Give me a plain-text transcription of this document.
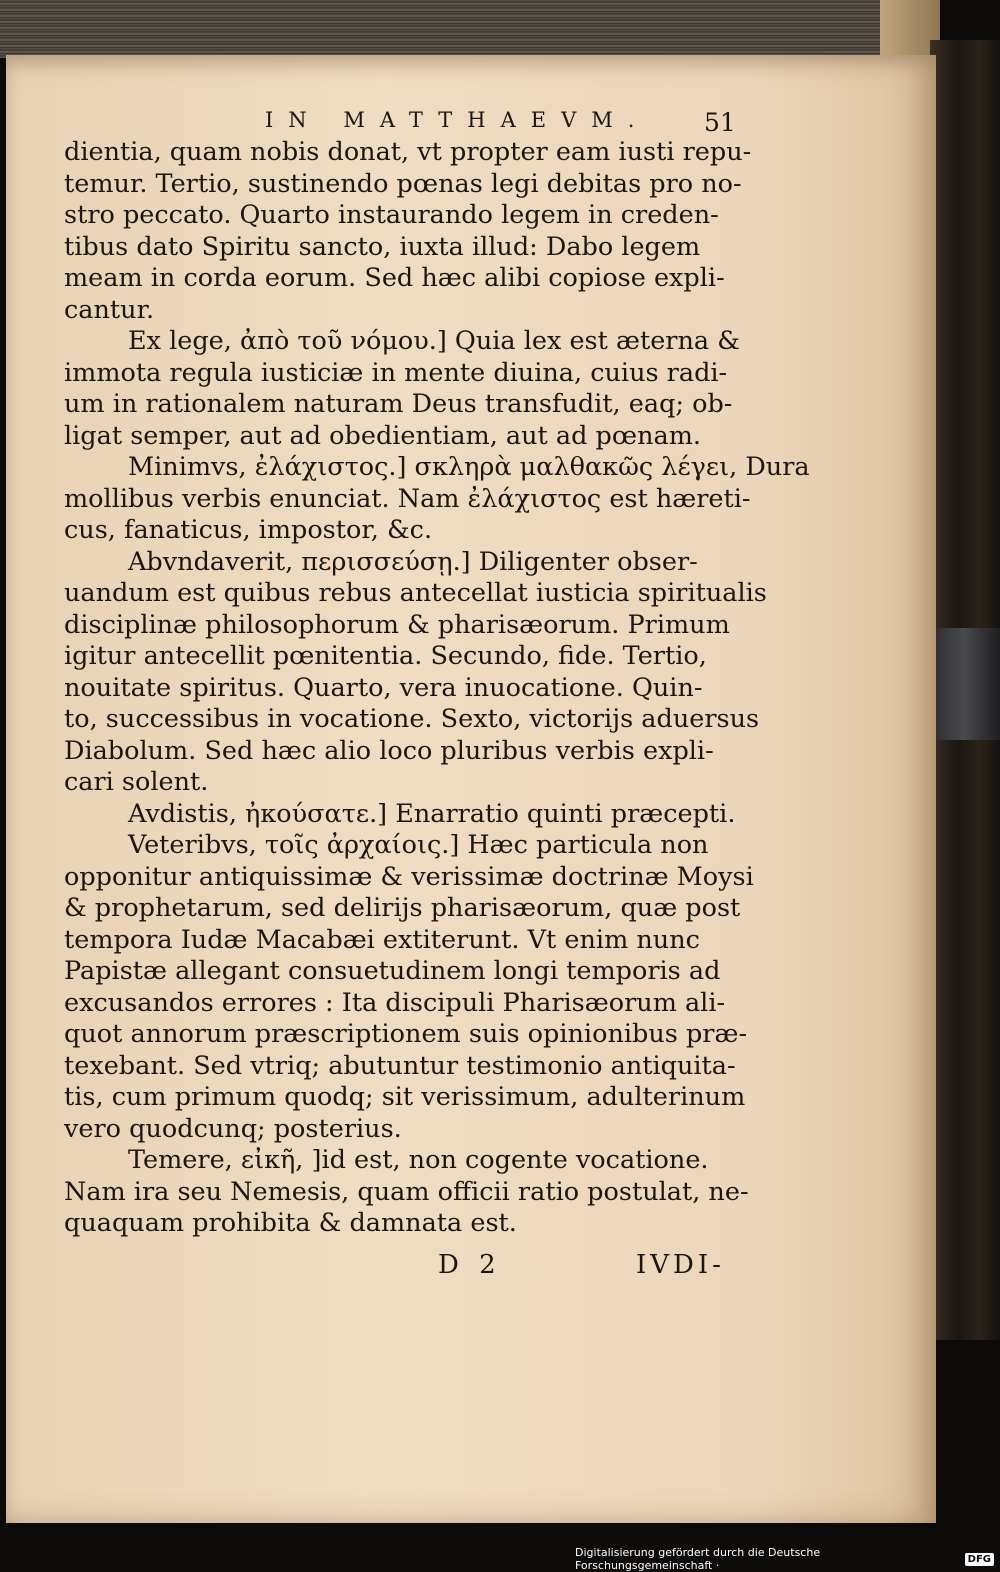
IN MATTHAEVM. 51
dientia, quam nobis donat, vt propter eam iusti repu-
temur. Tertio, sustinendo pœnas legi debitas pro no-
stro peccato. Quarto instaurando legem in creden-
tibus dato Spiritu sancto, iuxta illud: Dabo legem
meam in corda eorum. Sed hæc alibi copiose expli-
cantur.
Ex lege, ἀπὸ τοῦ νόμου.] Quia lex est æterna &
immota regula iusticiæ in mente diuina, cuius radi-
um in rationalem naturam Deus transfudit, eaq; ob-
ligat semper, aut ad obedientiam, aut ad pœnam.
Minimvs, ἐλάχιστος.] σκληρὰ μαλθακῶς λέγει, Dura
mollibus verbis enunciat. Nam ἐλάχιστος est hæreti-
cus, fanaticus, impostor, &c.
Abvndaverit, περισσεύσῃ.] Diligenter obser-
uandum est quibus rebus antecellat iusticia spiritualis
disciplinæ philosophorum & pharisæorum. Primum
igitur antecellit pœnitentia. Secundo, fide. Tertio,
nouitate spiritus. Quarto, vera inuocatione. Quin-
to, successibus in vocatione. Sexto, victorijs aduersus
Diabolum. Sed hæc alio loco pluribus verbis expli-
cari solent.
Avdistis, ἠκούσατε.] Enarratio quinti præcepti.
Veteribvs, τοῖς ἀρχαίοις.] Hæc particula non
opponitur antiquissimæ & verissimæ doctrinæ Moysi
& prophetarum, sed delirijs pharisæorum, quæ post
tempora Iudæ Macabæi extiterunt. Vt enim nunc
Papistæ allegant consuetudinem longi temporis ad
excusandos errores : Ita discipuli Pharisæorum ali-
quot annorum præscriptionem suis opinionibus præ-
texebant. Sed vtriq; abutuntur testimonio antiquita-
tis, cum primum quodq; sit verissimum, adulterinum
vero quodcunq; posterius.
Temere, εἰκῆ, ]id est, non cogente vocatione.
Nam ira seu Nemesis, quam officii ratio postulat, ne-
quaquam prohibita & damnata est.
D 2	IVDI-
Digitalisierung gefördert durch die Deutsche Forschungsgemeinschaft ·	DFG
